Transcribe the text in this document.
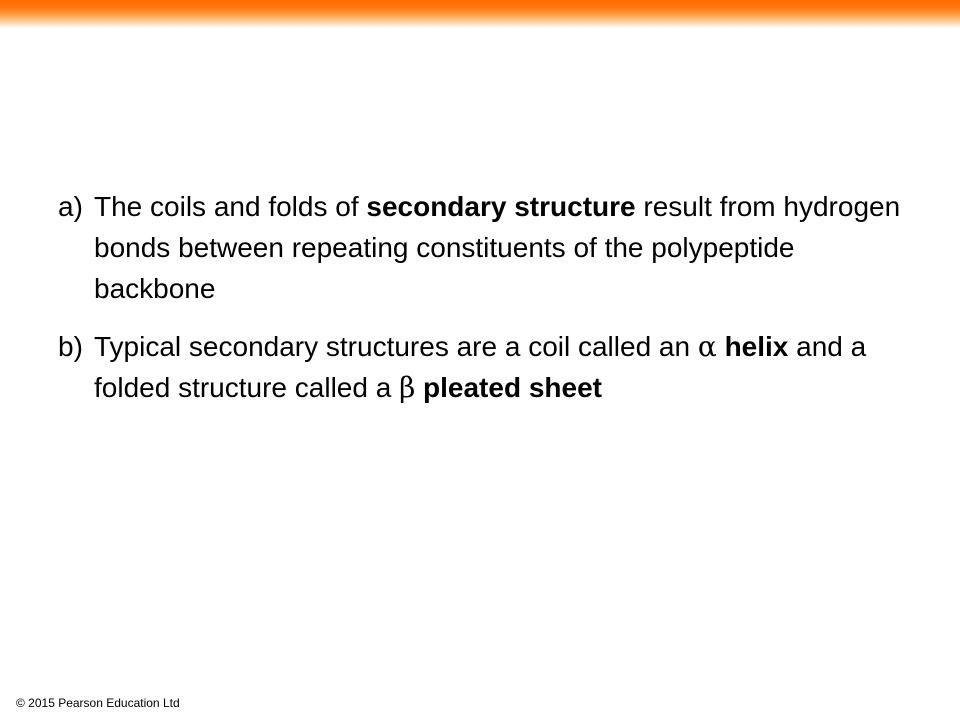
a) The coils and folds of secondary structure result from hydrogen bonds between repeating constituents of the polypeptide backbone
b) Typical secondary structures are a coil called an α helix and a folded structure called a β pleated sheet
© 2015 Pearson Education Ltd
